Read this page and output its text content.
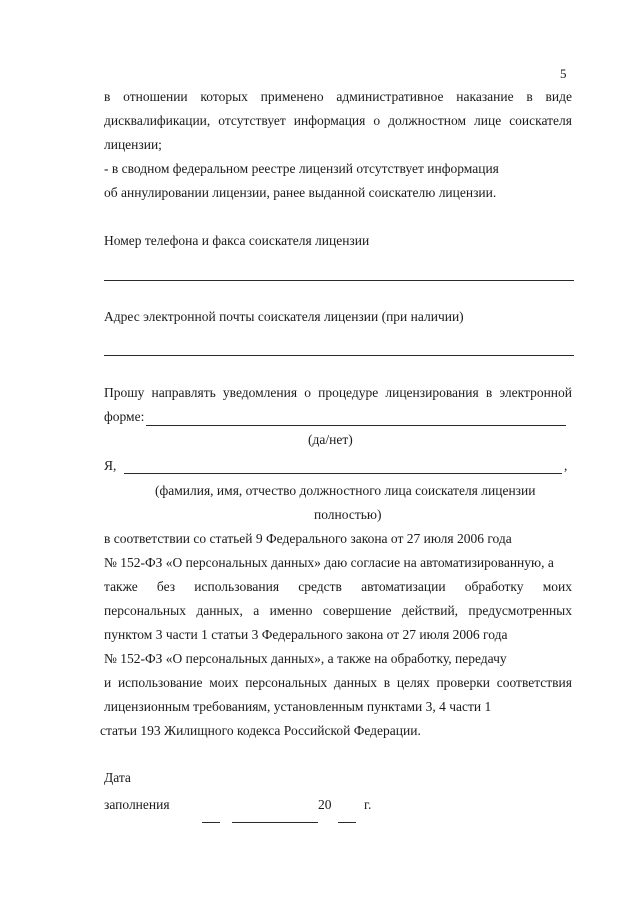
5
в отношении которых применено административное наказание в виде
дисквалификации, отсутствует информация о должностном лице соискателя
лицензии;
- в сводном федеральном реестре лицензий отсутствует информация
об аннулировании лицензии, ранее выданной соискателю лицензии.
Номер телефона и факса соискателя лицензии
Адрес электронной почты соискателя лицензии (при наличии)
Прошу направлять уведомления о процедуре лицензирования в электронной
форме:
(да/нет)
Я,	,
(фамилия, имя, отчество должностного лица соискателя лицензии
полностью)
в соответствии со статьей 9 Федерального закона от 27 июля 2006 года
№ 152-ФЗ «О персональных данных» даю согласие на автоматизированную, а
также без использования средств автоматизации обработку моих
персональных данных, а именно совершение действий, предусмотренных
пунктом 3 части 1 статьи 3 Федерального закона от 27 июля 2006 года
№ 152-ФЗ «О персональных данных», а также на обработку, передачу
и использование моих персональных данных в целях проверки соответствия
лицензионным требованиям, установленным пунктами 3, 4 части 1
статьи 193 Жилищного кодекса Российской Федерации.
Дата
заполнения	20 г.
